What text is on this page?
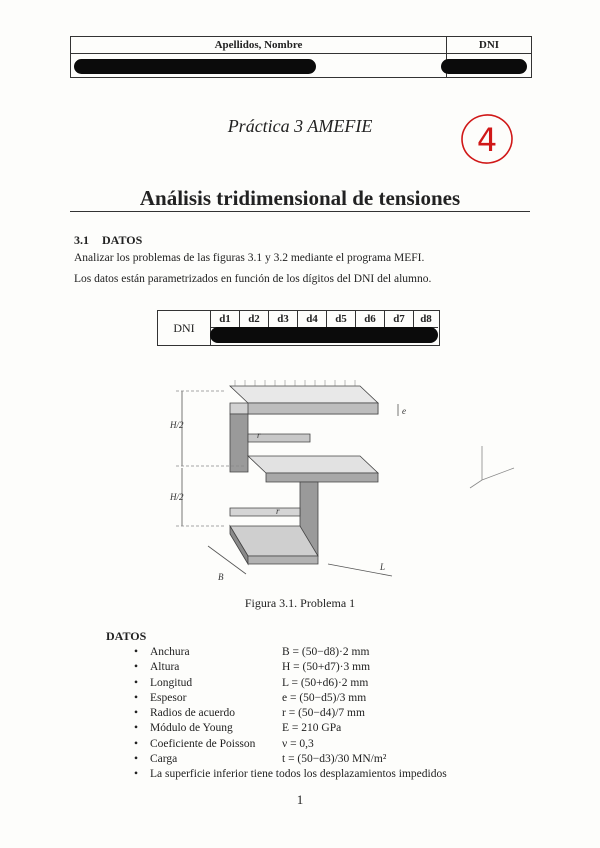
Apellidos, Nombre	DNI
Práctica 3 AMEFIE	4
Análisis tridimensional de tensiones
3.1 DATOS
Analizar los problemas de las figuras 3.1 y 3.2 mediante el programa MEFI.
Los datos están parametrizados en función de los dígitos del DNI del alumno.
DNI
d1	d2	d3	d4	d5	d6	d7	d8
H/2
H/2
B
L
e
r
r
Figura 3.1. Problema 1
DATOS
• Anchura	B = (50−d8)·2 mm
• Altura	H = (50+d7)·3 mm
• Longitud	L = (50+d6)·2 mm
• Espesor	e = (50−d5)/3 mm
• Radios de acuerdo	r = (50−d4)/7 mm
• Módulo de Young	E = 210 GPa
• Coeficiente de Poisson ν = 0,3
• Carga	t = (50−d3)/30 MN/m²
• La superficie inferior tiene todos los desplazamientos impedidos
1
